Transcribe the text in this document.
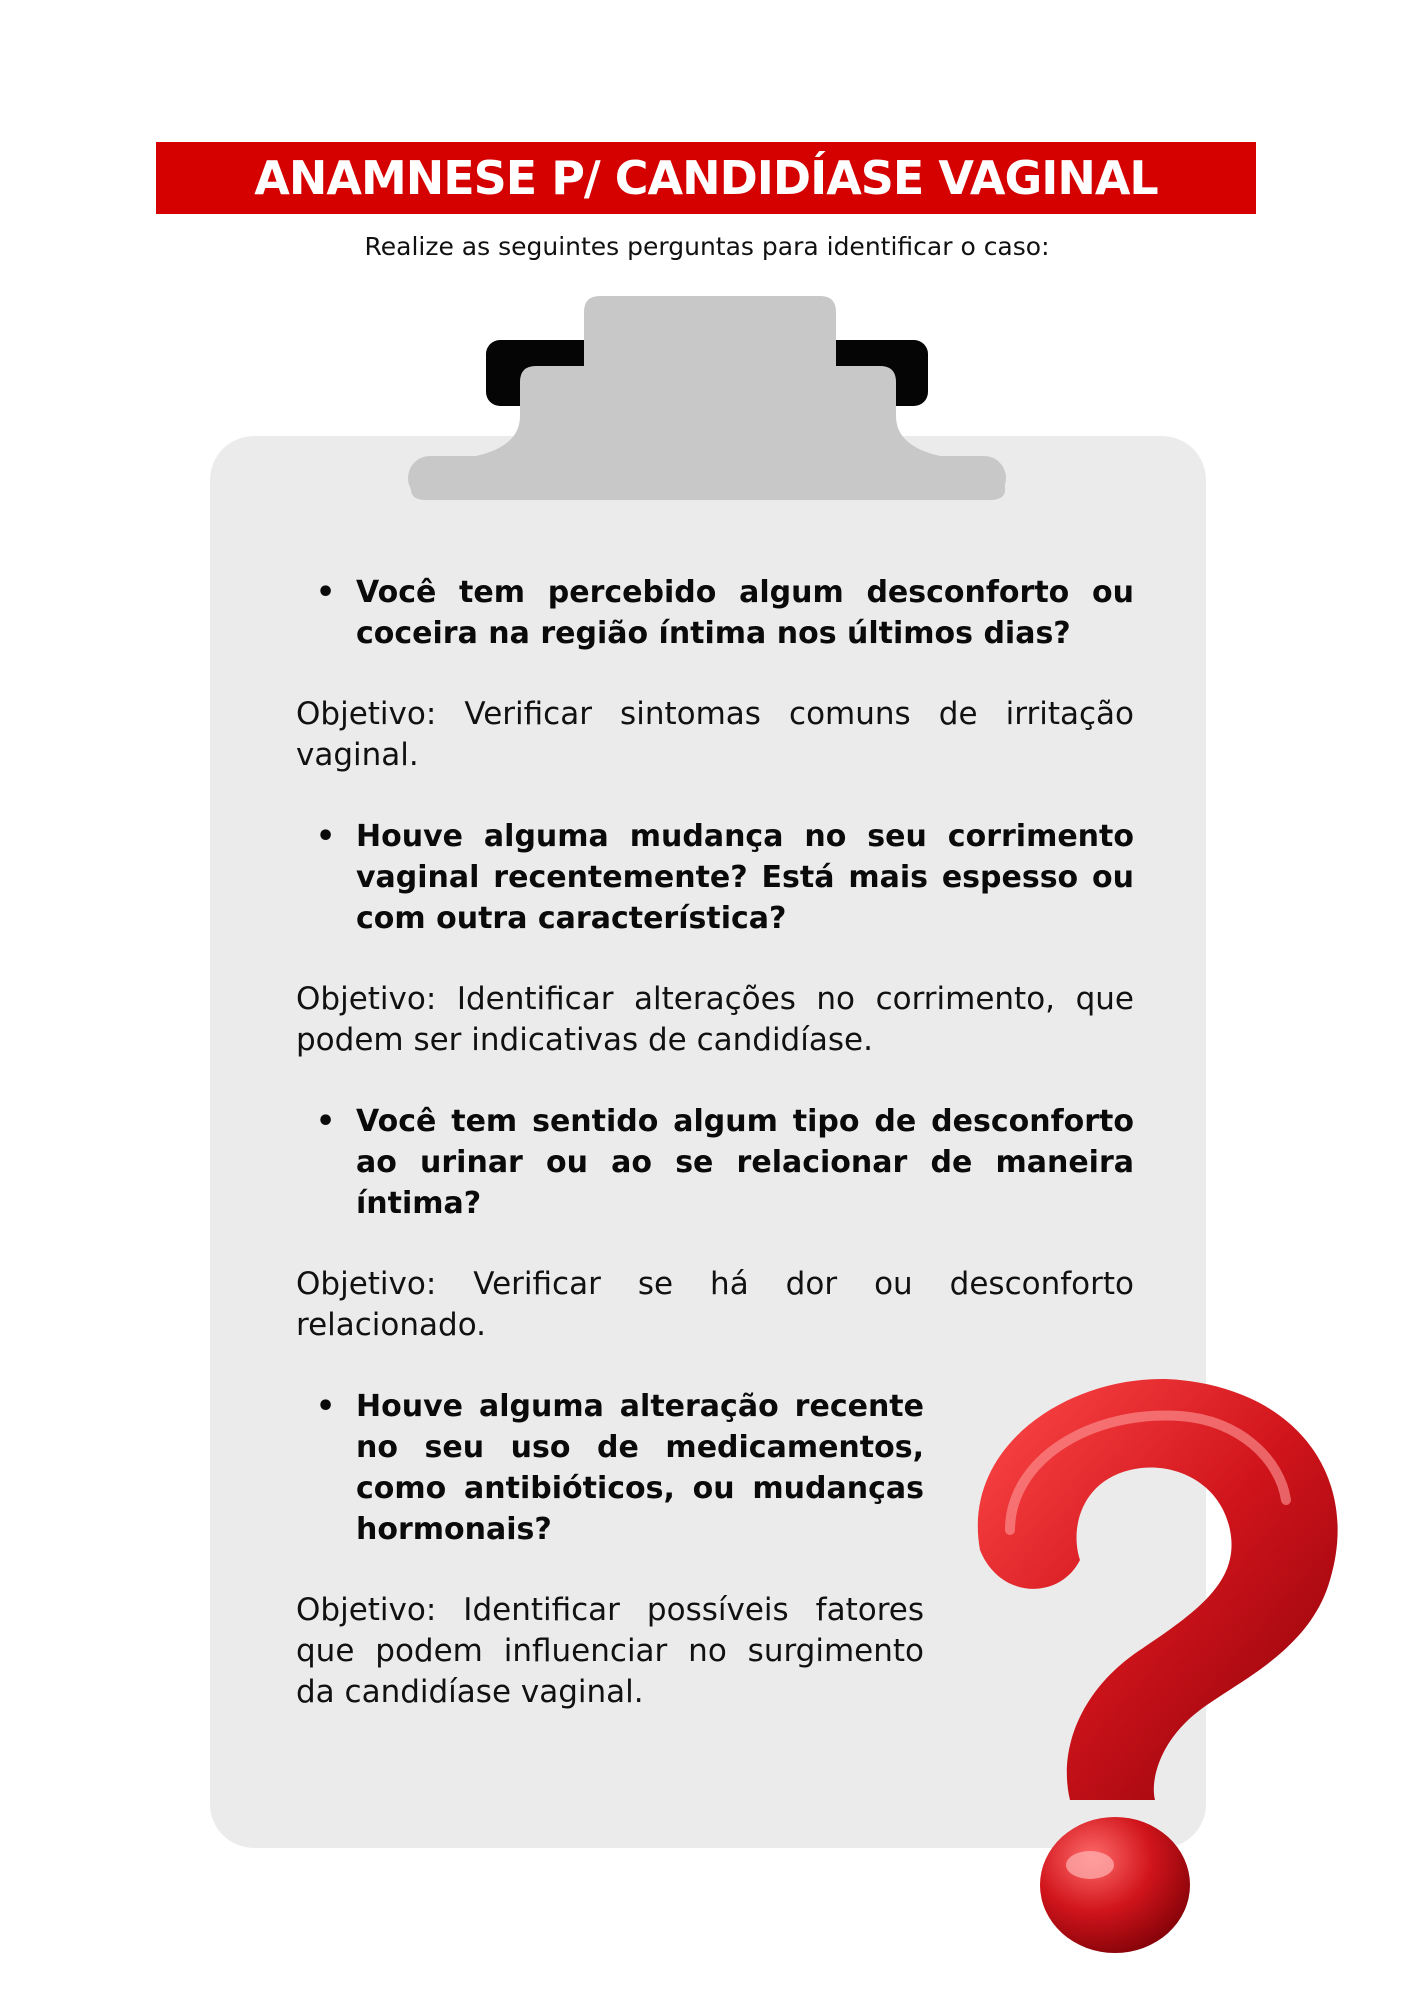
ANAMNESE P/ CANDIDÍASE VAGINAL
Realize as seguintes perguntas para identificar o caso:
• Você tem percebido algum desconforto ou coceira na região íntima nos últimos dias?
Objetivo: Verificar sintomas comuns de irritação vaginal.
• Houve alguma mudança no seu corrimento vaginal recentemente? Está mais espesso ou com outra característica?
Objetivo: Identificar alterações no corrimento, que podem ser indicativas de candidíase.
• Você tem sentido algum tipo de desconforto ao urinar ou ao se relacionar de maneira íntima?
Objetivo: Verificar se há dor ou desconforto relacionado.
• Houve alguma alteração recente no seu uso de medicamentos, como antibióticos, ou mudanças hormonais?
Objetivo: Identificar possíveis fatores que podem influenciar no surgimento da candidíase vaginal.
